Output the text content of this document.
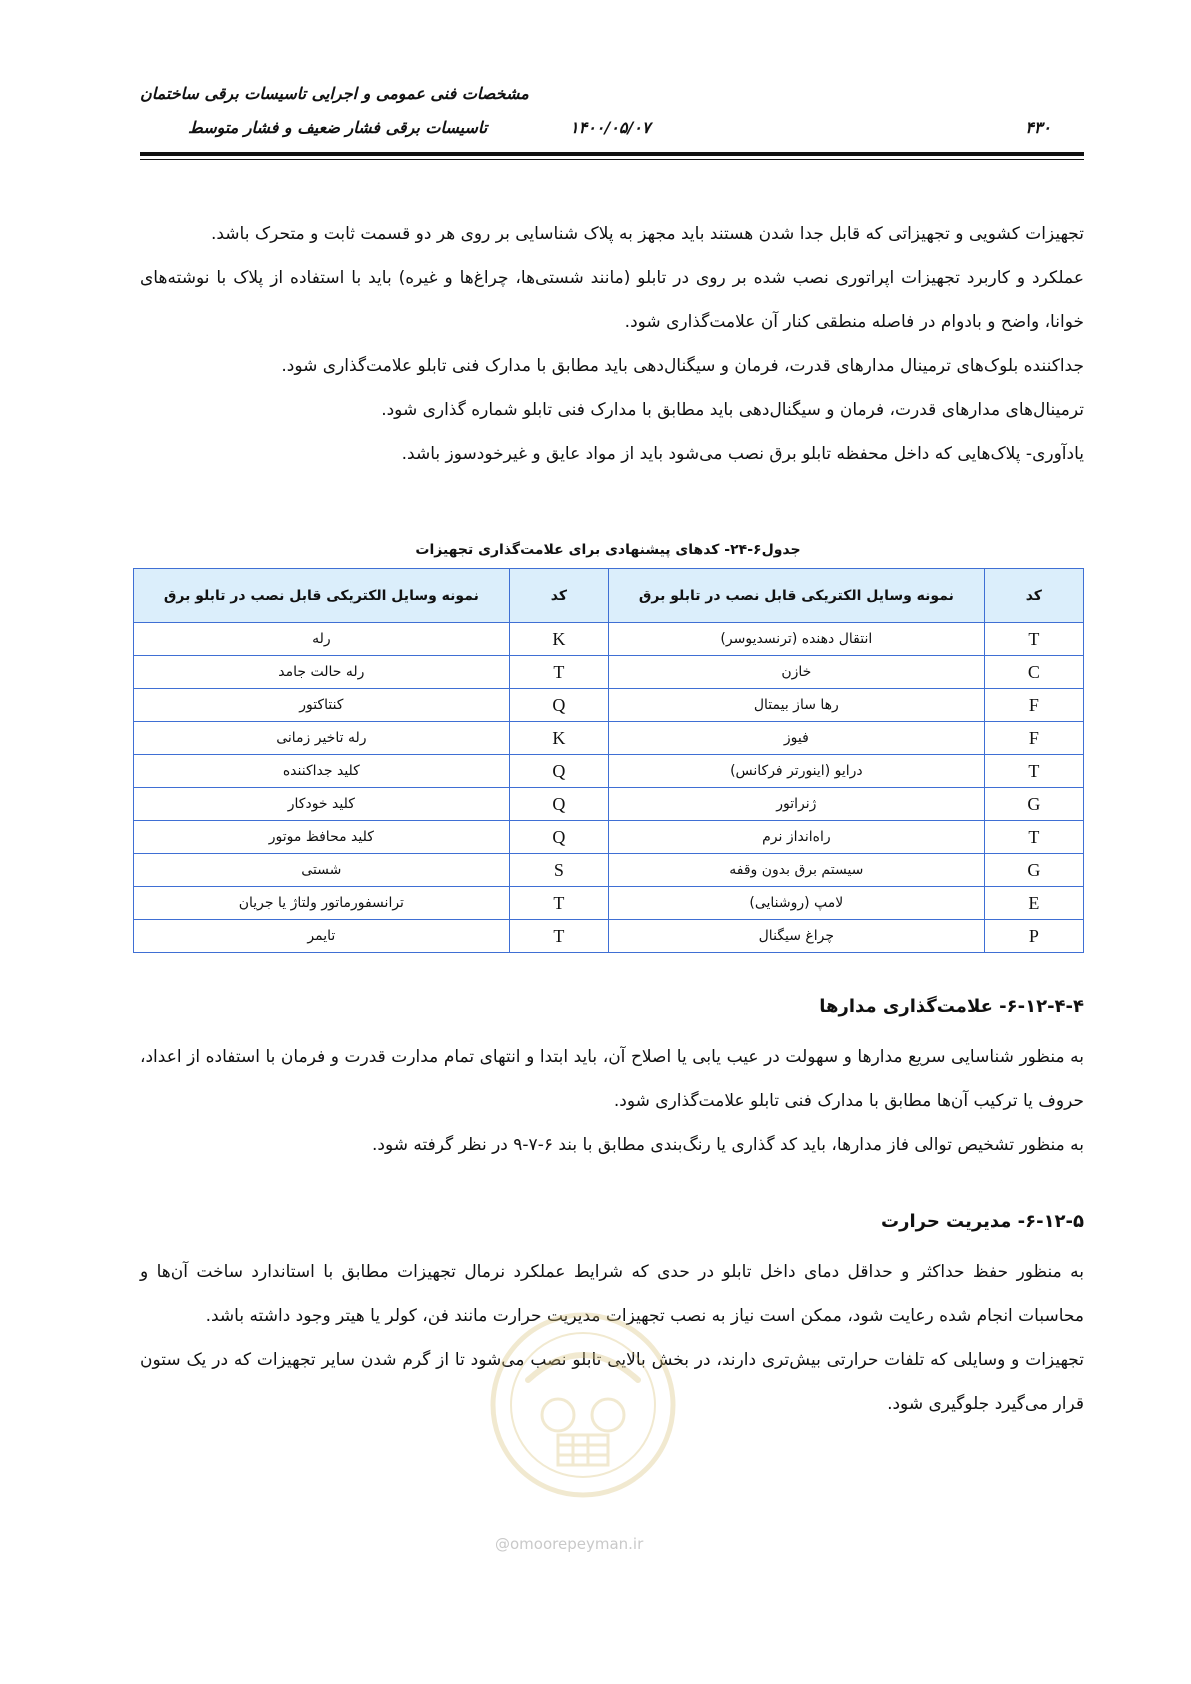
مشخصات فنی عمومی و اجرایی تاسیسات برقی ساختمان
۴۳۰
۱۴۰۰/۰۵/۰۷
تاسیسات برقی فشار ضعیف و فشار متوسط

تجهیزات کشویی و تجهیزاتی که قابل جدا شدن هستند باید مجهز به پلاک شناسایی بر روی هر دو قسمت ثابت و متحرک باشد.

عملکرد و کاربرد تجهیزات اپراتوری نصب شده بر روی در تابلو (مانند شستی‌ها، چراغ‌ها و غیره) باید با استفاده از پلاک با نوشته‌های خوانا، واضح و بادوام در فاصله منطقی کنار آن علامت‌گذاری شود.

جداکننده بلوک‌های ترمینال مدارهای قدرت، فرمان و سیگنال‌دهی باید مطابق با مدارک فنی تابلو علامت‌گذاری شود.

ترمینال‌های مدارهای قدرت، فرمان و سیگنال‌دهی باید مطابق با مدارک فنی تابلو شماره گذاری شود.

یادآوری- پلاک‌هایی که داخل محفظه تابلو برق نصب می‌شود باید از مواد عایق و غیرخودسوز باشد.

جدول۶-۲۴- کدهای پیشنهادی برای علامت‌گذاری تجهیزات
کد	نمونه وسایل الکتریکی قابل نصب در تابلو برق	کد	نمونه وسایل الکتریکی قابل نصب در تابلو برق
T	انتقال دهنده (ترنسدیوسر)	K	رله
C	خازن	T	رله حالت جامد
F	رها ساز بیمتال	Q	کنتاکتور
F	فیوز	K	رله تاخیر زمانی
T	درایو (اینورتر فرکانس)	Q	کلید جداکننده
G	ژنراتور	Q	کلید خودکار
T	راه‌انداز نرم	Q	کلید محافظ موتور
G	سیستم برق بدون وقفه	S	شستی
E	لامپ (روشنایی)	T	ترانسفورماتور ولتاژ یا جریان
P	چراغ سیگنال	T	تایمر
۶-۱۲-۴-۴- علامت‌گذاری مدارها

به منظور شناسایی سریع مدارها و سهولت در عیب یابی یا اصلاح آن، باید ابتدا و انتهای تمام مدارت قدرت و فرمان با استفاده از اعداد، حروف یا ترکیب آن‌ها مطابق با مدارک فنی تابلو علامت‌گذاری شود.

به منظور تشخیص توالی فاز مدارها، باید کد گذاری یا رنگ‌بندی مطابق با بند ۶-۷-۹ در نظر گرفته شود.

۶-۱۲-۵- مدیریت حرارت

به منظور حفظ حداکثر و حداقل دمای داخل تابلو در حدی که شرایط عملکرد نرمال تجهیزات مطابق با استاندارد ساخت آن‌ها و محاسبات انجام شده رعایت شود، ممکن است نیاز به نصب تجهیزات مدیریت حرارت مانند فن، کولر یا هیتر وجود داشته باشد.

تجهیزات و وسایلی که تلفات حرارتی بیش‌تری دارند، در بخش بالایی تابلو نصب می‌شود تا از گرم شدن سایر تجهیزات که در یک ستون قرار می‌گیرد جلوگیری شود.

@omoorepeyman.ir
